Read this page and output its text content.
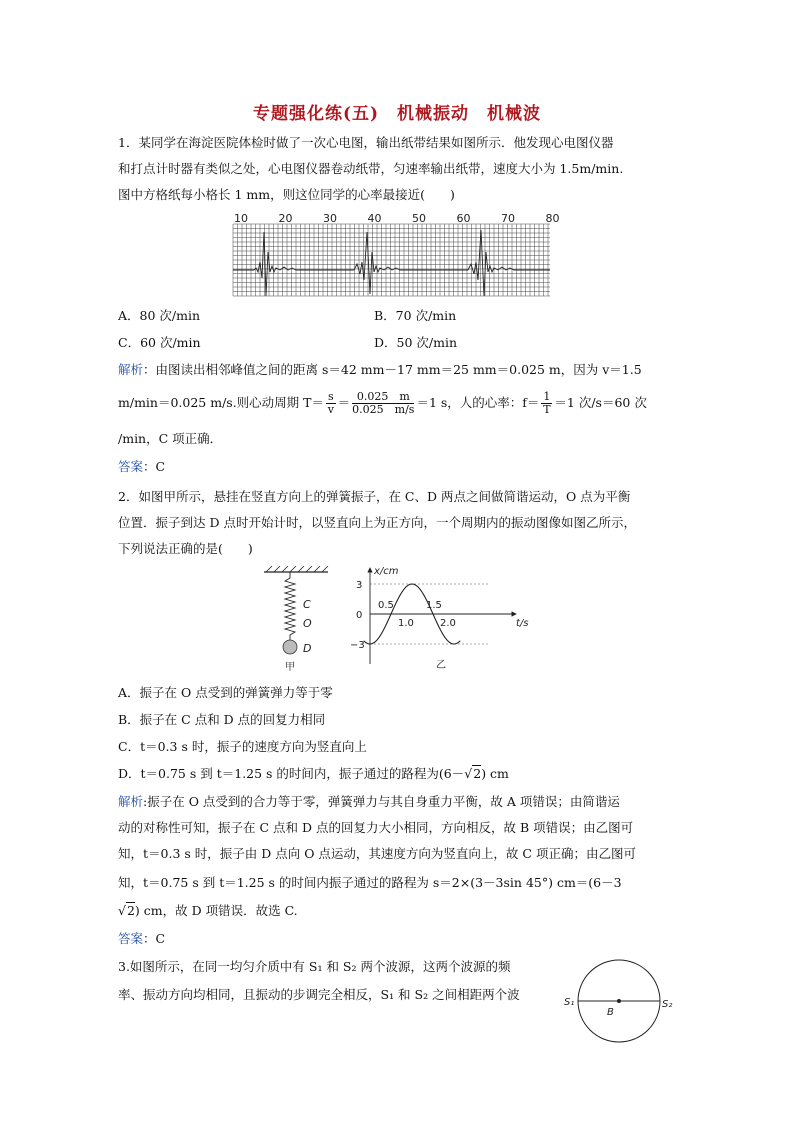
专题强化练(五)　机械振动　机械波
1．某同学在海淀医院体检时做了一次心电图，输出纸带结果如图所示．他发现心电图仪器
和打点计时器有类似之处，心电图仪器卷动纸带，匀速率输出纸带，速度大小为 1.5m/min.
图中方格纸每小格长 1 mm，则这位同学的心率最接近(　　)
10	20	30	40	50	60	70	80
A．80 次/min	B．70 次/min
C．60 次/min	D．50 次/min
解析：由图读出相邻峰值之间的距离 s＝42 mm－17 mm＝25 mm＝0.025 m，因为 v＝1.5
m/min＝0.025 m/s.则心动周期 $T= \frac{s}{v} = \frac{0.025 m}{0.025 m/s} =1$ s，人的心率：$f= \frac{1}{T} =1$ 次/s＝60 次
/min，C 项正确．
答案：C
2．如图甲所示，悬挂在竖直方向上的弹簧振子，在 C、D 两点之间做简谐运动，O 点为平衡
位置．振子到达 D 点时开始计时，以竖直向上为正方向，一个周期内的振动图像如图乙所示，
下列说法正确的是(　　)
C
O
D
甲
x/cm
t/s
3
0
−3
0.5
1.0
1.5
2.0
乙
A．振子在 O 点受到的弹簧弹力等于零
B．振子在 C 点和 D 点的回复力相同
C．t＝0.3 s 时，振子的速度方向为竖直向上
D．t＝0.75 s 到 t＝1.25 s 的时间内，振子通过的路程为(6－√2) cm
解析:振子在 O 点受到的合力等于零，弹簧弹力与其自身重力平衡，故 A 项错误；由简谐运
动的对称性可知，振子在 C 点和 D 点的回复力大小相同，方向相反，故 B 项错误；由乙图可
知，t＝0.3 s 时，振子由 D 点向 O 点运动，其速度方向为竖直向上，故 C 项正确；由乙图可
知，t＝0.75 s 到 t＝1.25 s 的时间内振子通过的路程为 s＝2×(3－3sin 45°) cm＝(6－3
√2) cm，故 D 项错误．故选 C.
答案：C
3.如图所示，在同一均匀介质中有 S₁ 和 S₂ 两个波源，这两个波源的频
率、振动方向均相同，且振动的步调完全相反，S₁ 和 S₂ 之间相距两个波
S₁	S₂
B
